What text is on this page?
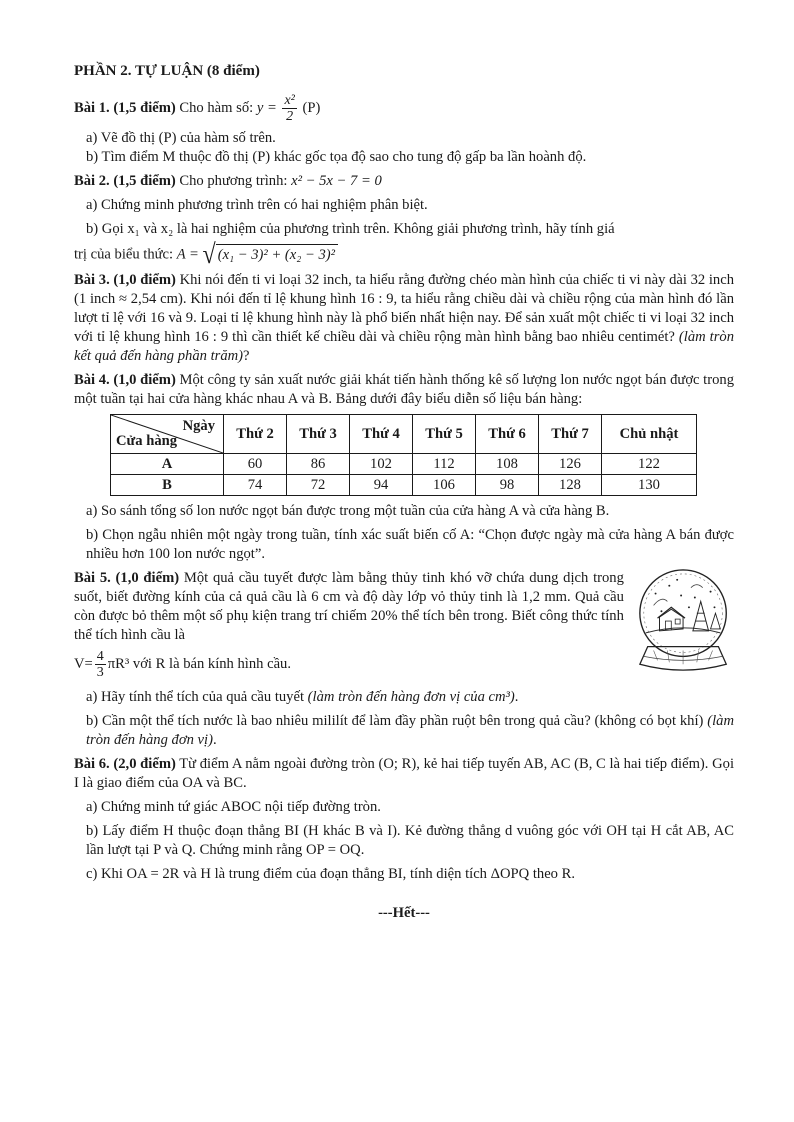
PHẦN 2. TỰ LUẬN (8 điểm)

Bài 1. (1,5 điểm) Cho hàm số: $y = \frac{\text{x²}}{2} (P)$

a) Vẽ đồ thị (P) của hàm số trên.

b) Tìm điểm M thuộc đồ thị (P) khác gốc tọa độ sao cho tung độ gấp ba lần hoành độ.

Bài 2. (1,5 điểm) Cho phương trình: x² − 5x − 7 = 0

a) Chứng minh phương trình trên có hai nghiệm phân biệt.

b) Gọi x₁ và x₂ là hai nghiệm của phương trình trên. Không giải phương trình, hãy tính giá

trị của biểu thức: A = √ (x₁ − 3)² + (x₂ − 3)²

Bài 3. (1,0 điểm) Khi nói đến ti vi loại 32 inch, ta hiểu rằng đường chéo màn hình của chiếc ti vi này dài 32 inch (1 inch ≈ 2,54 cm). Khi nói đến tỉ lệ khung hình 16 : 9, ta hiểu rằng chiều dài và chiều rộng của màn hình đó lần lượt tỉ lệ với 16 và 9. Loại tỉ lệ khung hình này là phổ biến nhất hiện nay. Để sản xuất một chiếc ti vi loại 32 inch với tỉ lệ khung hình 16 : 9 thì cần thiết kế chiều dài và chiều rộng màn hình bằng bao nhiêu centimét? (làm tròn kết quả đến hàng phần trăm)?

Bài 4. (1,0 điểm) Một công ty sản xuất nước giải khát tiến hành thống kê số lượng lon nước ngọt bán được trong một tuần tại hai cửa hàng khác nhau A và B. Bảng dưới đây biểu diễn số liệu bán hàng:

Ngày
Cửa hàng	Thứ 2	Thứ 3	Thứ 4	Thứ 5	Thứ 6	Thứ 7	Chủ nhật
A	60	86	102	112	108	126	122
B	74	72	94	106	98	128	130

a) So sánh tổng số lon nước ngọt bán được trong một tuần của cửa hàng A và cửa hàng B.

b) Chọn ngẫu nhiên một ngày trong tuần, tính xác suất biến cố A: “Chọn được ngày mà cửa hàng A bán được nhiều hơn 100 lon nước ngọt”.

Bài 5. (1,0 điểm) Một quả cầu tuyết được làm bằng thủy tinh khó vỡ chứa dung dịch trong suốt, biết đường kính của cả quả cầu là 6 cm và độ dày lớp vỏ thủy tinh là 1,2 mm. Quả cầu còn được bỏ thêm một số phụ kiện trang trí chiếm 20% thể tích bên trong. Biết công thức tính thể tích hình cầu là

$V= \frac{4}{3} \pi R^3$ với R là bán kính hình cầu.

a) Hãy tính thể tích của quả cầu tuyết (làm tròn đến hàng đơn vị của cm³).

b) Cần một thể tích nước là bao nhiêu mililít để làm đầy phần ruột bên trong quả cầu? (không có bọt khí) (làm tròn đến hàng đơn vị).

Bài 6. (2,0 điểm) Từ điểm A nằm ngoài đường tròn (O; R), kẻ hai tiếp tuyến AB, AC (B, C là hai tiếp điểm). Gọi I là giao điểm của OA và BC.

a) Chứng minh tứ giác ABOC nội tiếp đường tròn.

b) Lấy điểm H thuộc đoạn thẳng BI (H khác B và I). Kẻ đường thẳng d vuông góc với OH tại H cắt AB, AC lần lượt tại P và Q. Chứng minh rằng OP = OQ.

c) Khi OA = 2R và H là trung điểm của đoạn thẳng BI, tính diện tích ΔOPQ theo R.

---Hết---
